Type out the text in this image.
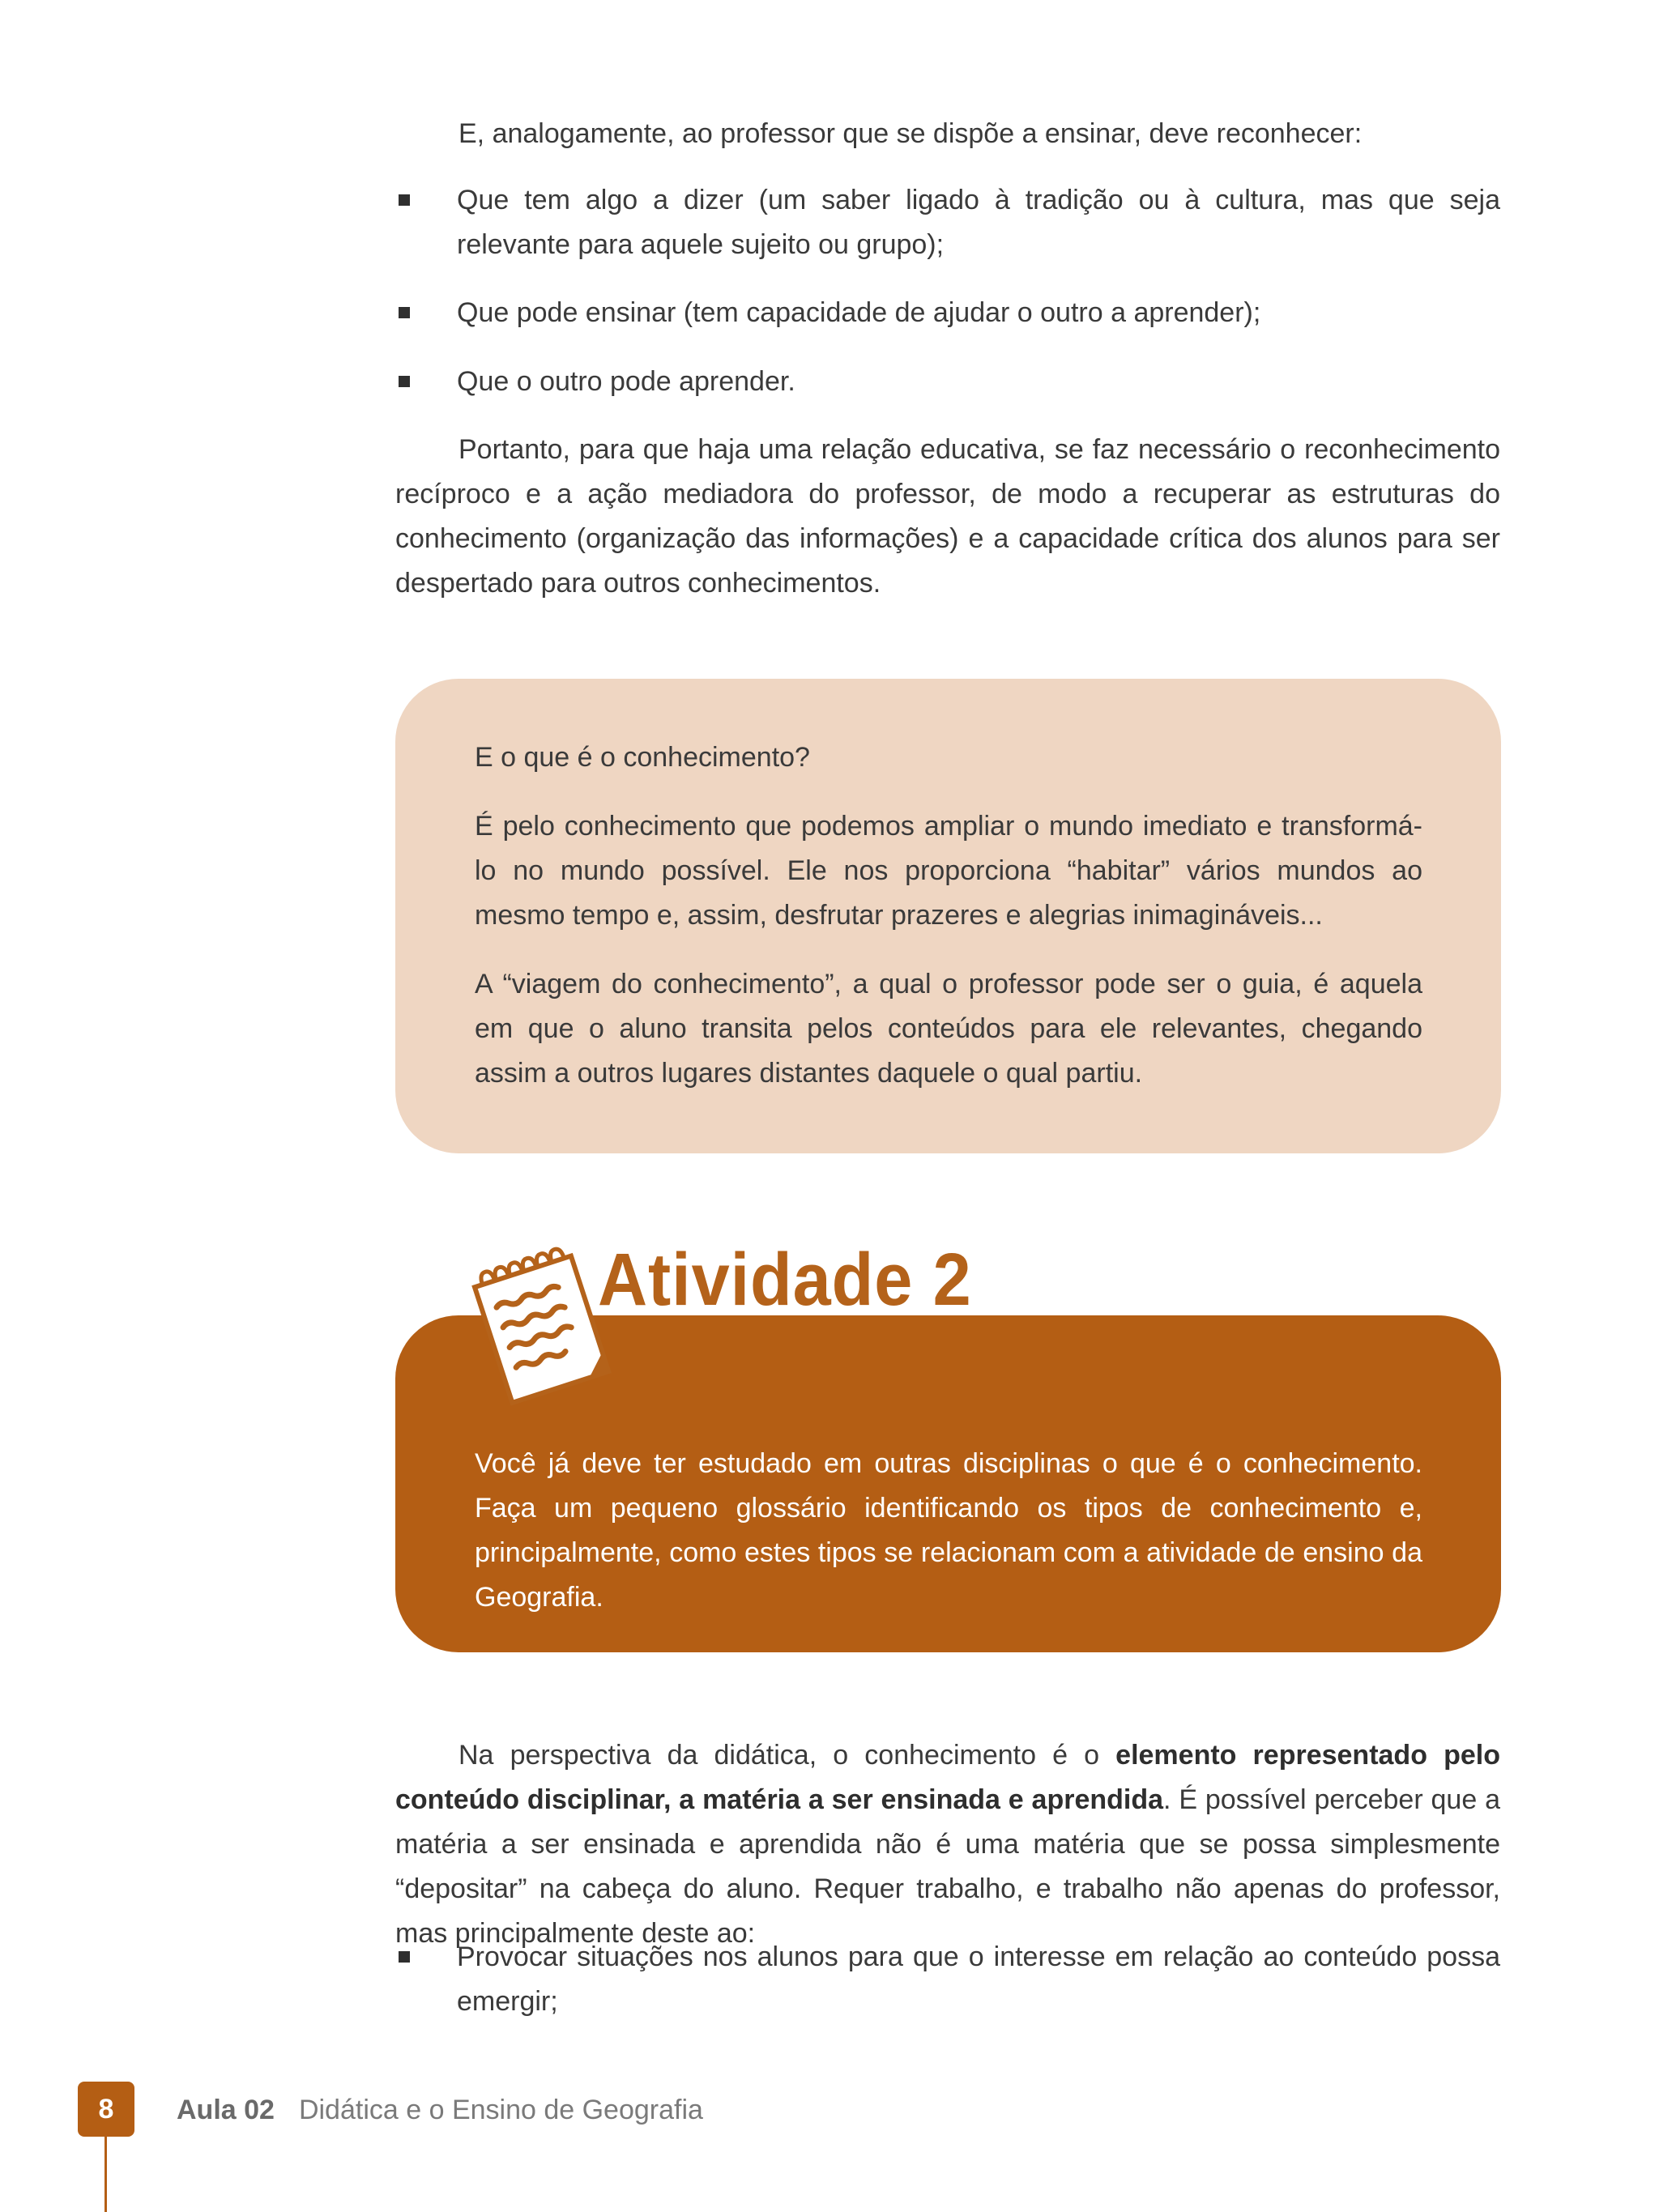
E, analogamente, ao professor que se dispõe a ensinar, deve reconhecer:
Que tem algo a dizer (um saber ligado à tradição ou à cultura, mas que seja relevante para aquele sujeito ou grupo);
Que pode ensinar (tem capacidade de ajudar o outro a aprender);
Que o outro pode aprender.
Portanto, para que haja uma relação educativa, se faz necessário o reconhecimento recíproco e a ação mediadora do professor, de modo a recuperar as estruturas do conhecimento (organização das informações) e a capacidade crítica dos alunos para ser despertado para outros conhecimentos.

E o que é o conhecimento?

É pelo conhecimento que podemos ampliar o mundo imediato e transformá-lo no mundo possível. Ele nos proporciona “habitar” vários mundos ao mesmo tempo e, assim, desfrutar prazeres e alegrias inimagináveis...

A “viagem do conhecimento”, a qual o professor pode ser o guia, é aquela em que o aluno transita pelos conteúdos para ele relevantes, chegando assim a outros lugares distantes daquele o qual partiu.

Você já deve ter estudado em outras disciplinas o que é o conhecimento. Faça um pequeno glossário identificando os tipos de conhecimento e, principalmente, como estes tipos se relacionam com a atividade de ensino da Geografia.
Atividade 2
Na perspectiva da didática, o conhecimento é o elemento representado pelo conteúdo disciplinar, a matéria a ser ensinada e aprendida. É possível perceber que a matéria a ser ensinada e aprendida não é uma matéria que se possa simplesmente “depositar” na cabeça do aluno. Requer trabalho, e trabalho não apenas do professor, mas principalmente deste ao:
Provocar situações nos alunos para que o interesse em relação ao conteúdo possa emergir;
8	Aula 02 Didática e o Ensino de Geografia
